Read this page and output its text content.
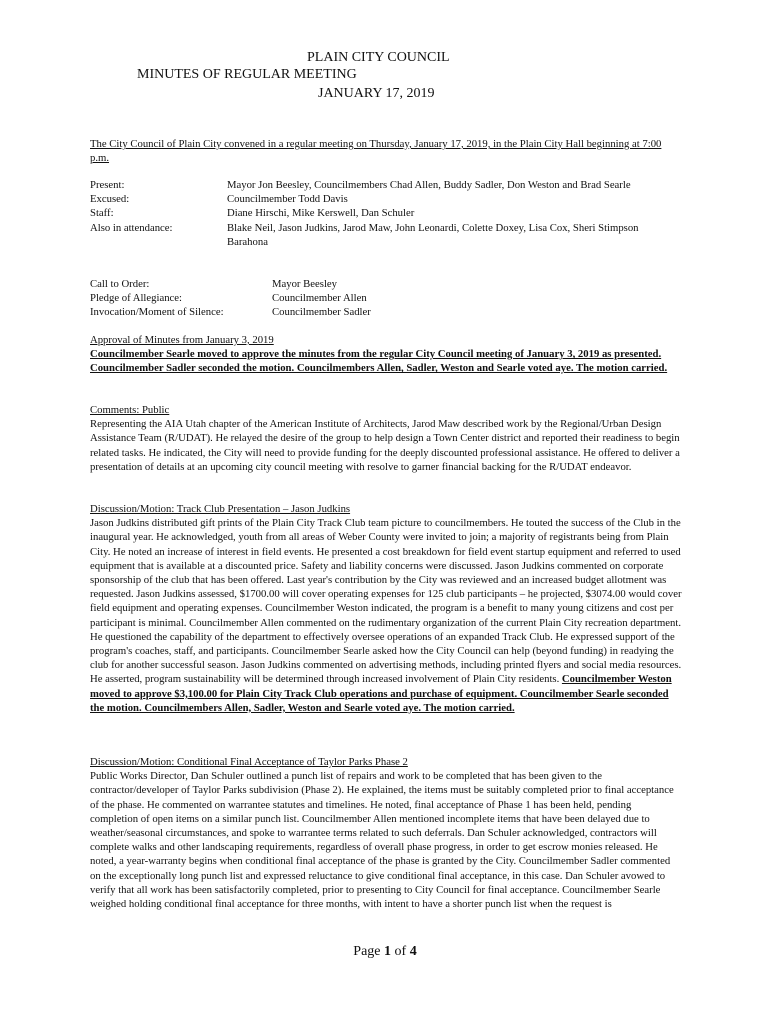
PLAIN CITY COUNCIL
MINUTES OF REGULAR MEETING
JANUARY 17, 2019
The City Council of Plain City convened in a regular meeting on Thursday, January 17, 2019, in the Plain City Hall beginning at 7:00 p.m.
Present:	Mayor Jon Beesley, Councilmembers Chad Allen, Buddy Sadler, Don Weston and Brad Searle
Excused:	Councilmember Todd Davis
Staff:	Diane Hirschi, Mike Kerswell, Dan Schuler
Also in attendance:	Blake Neil, Jason Judkins, Jarod Maw, John Leonardi, Colette Doxey, Lisa Cox, Sheri Stimpson Barahona
Call to Order:	Mayor Beesley
Pledge of Allegiance:	Councilmember Allen
Invocation/Moment of Silence:	Councilmember Sadler
Approval of Minutes from January 3, 2019
Councilmember Searle moved to approve the minutes from the regular City Council meeting of January 3, 2019 as presented. Councilmember Sadler seconded the motion. Councilmembers Allen, Sadler, Weston and Searle voted aye. The motion carried.
Comments: Public
Representing the AIA Utah chapter of the American Institute of Architects, Jarod Maw described work by the Regional/Urban Design Assistance Team (R/UDAT). He relayed the desire of the group to help design a Town Center district and reported their readiness to begin related tasks. He indicated, the City will need to provide funding for the deeply discounted professional assistance. He offered to deliver a presentation of details at an upcoming city council meeting with resolve to garner financial backing for the R/UDAT endeavor.
Discussion/Motion: Track Club Presentation – Jason Judkins
Jason Judkins distributed gift prints of the Plain City Track Club team picture to councilmembers. He touted the success of the Club in the inaugural year. He acknowledged, youth from all areas of Weber County were invited to join; a majority of registrants being from Plain City. He noted an increase of interest in field events. He presented a cost breakdown for field event startup equipment and referred to used equipment that is available at a discounted price. Safety and liability concerns were discussed. Jason Judkins commented on corporate sponsorship of the club that has been offered. Last year's contribution by the City was reviewed and an increased budget allotment was requested. Jason Judkins assessed, $1700.00 will cover operating expenses for 125 club participants – he projected, $3074.00 would cover field equipment and operating expenses. Councilmember Weston indicated, the program is a benefit to many young citizens and cost per participant is minimal. Councilmember Allen commented on the rudimentary organization of the current Plain City recreation department. He questioned the capability of the department to effectively oversee operations of an expanded Track Club. He expressed support of the program's coaches, staff, and participants. Councilmember Searle asked how the City Council can help (beyond funding) in readying the club for another successful season. Jason Judkins commented on advertising methods, including printed flyers and social media resources. He asserted, program sustainability will be determined through increased involvement of Plain City residents. Councilmember Weston moved to approve $3,100.00 for Plain City Track Club operations and purchase of equipment. Councilmember Searle seconded the motion. Councilmembers Allen, Sadler, Weston and Searle voted aye. The motion carried.
Discussion/Motion: Conditional Final Acceptance of Taylor Parks Phase 2
Public Works Director, Dan Schuler outlined a punch list of repairs and work to be completed that has been given to the contractor/developer of Taylor Parks subdivision (Phase 2). He explained, the items must be suitably completed prior to final acceptance of the phase. He commented on warrantee statutes and timelines. He noted, final acceptance of Phase 1 has been held, pending completion of open items on a similar punch list. Councilmember Allen mentioned incomplete items that have been delayed due to weather/seasonal circumstances, and spoke to warrantee terms related to such deferrals. Dan Schuler acknowledged, contractors will complete walks and other landscaping requirements, regardless of overall phase progress, in order to get escrow monies released. He noted, a year-warranty begins when conditional final acceptance of the phase is granted by the City. Councilmember Sadler commented on the exceptionally long punch list and expressed reluctance to give conditional final acceptance, in this case. Dan Schuler avowed to verify that all work has been satisfactorily completed, prior to presenting to City Council for final acceptance. Councilmember Searle weighed holding conditional final acceptance for three months, with intent to have a shorter punch list when the request is
Page 1 of 4
